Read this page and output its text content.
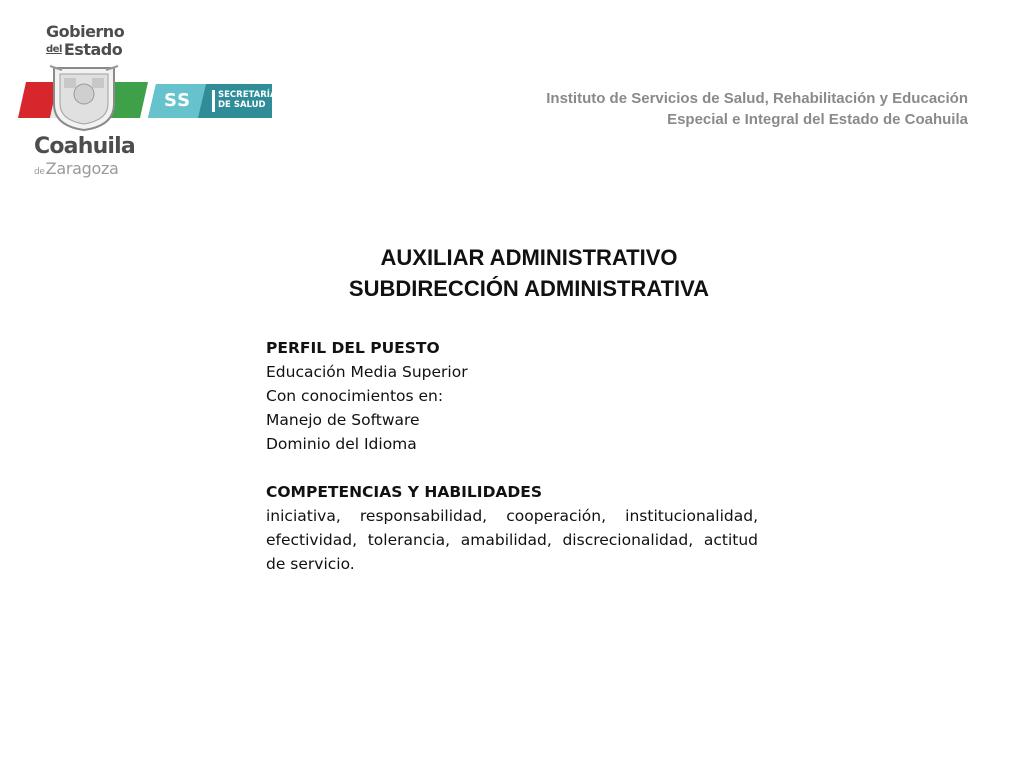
Gobierno
del Estado
Coahuila
deZaragoza
SS	SECRETARÍA
DE SALUD	Instituto de Servicios de Salud, Rehabilitación y Educación
Especial e Integral del Estado de Coahuila
AUXILIAR ADMINISTRATIVO
SUBDIRECCIÓN ADMINISTRATIVA
PERFIL DEL PUESTO
Educación Media Superior
Con conocimientos en:
Manejo de Software
Dominio del Idioma
COMPETENCIAS Y HABILIDADES
iniciativa, responsabilidad, cooperación, institucionalidad, efectividad, tolerancia, amabilidad, discrecionalidad, actitud de servicio.
